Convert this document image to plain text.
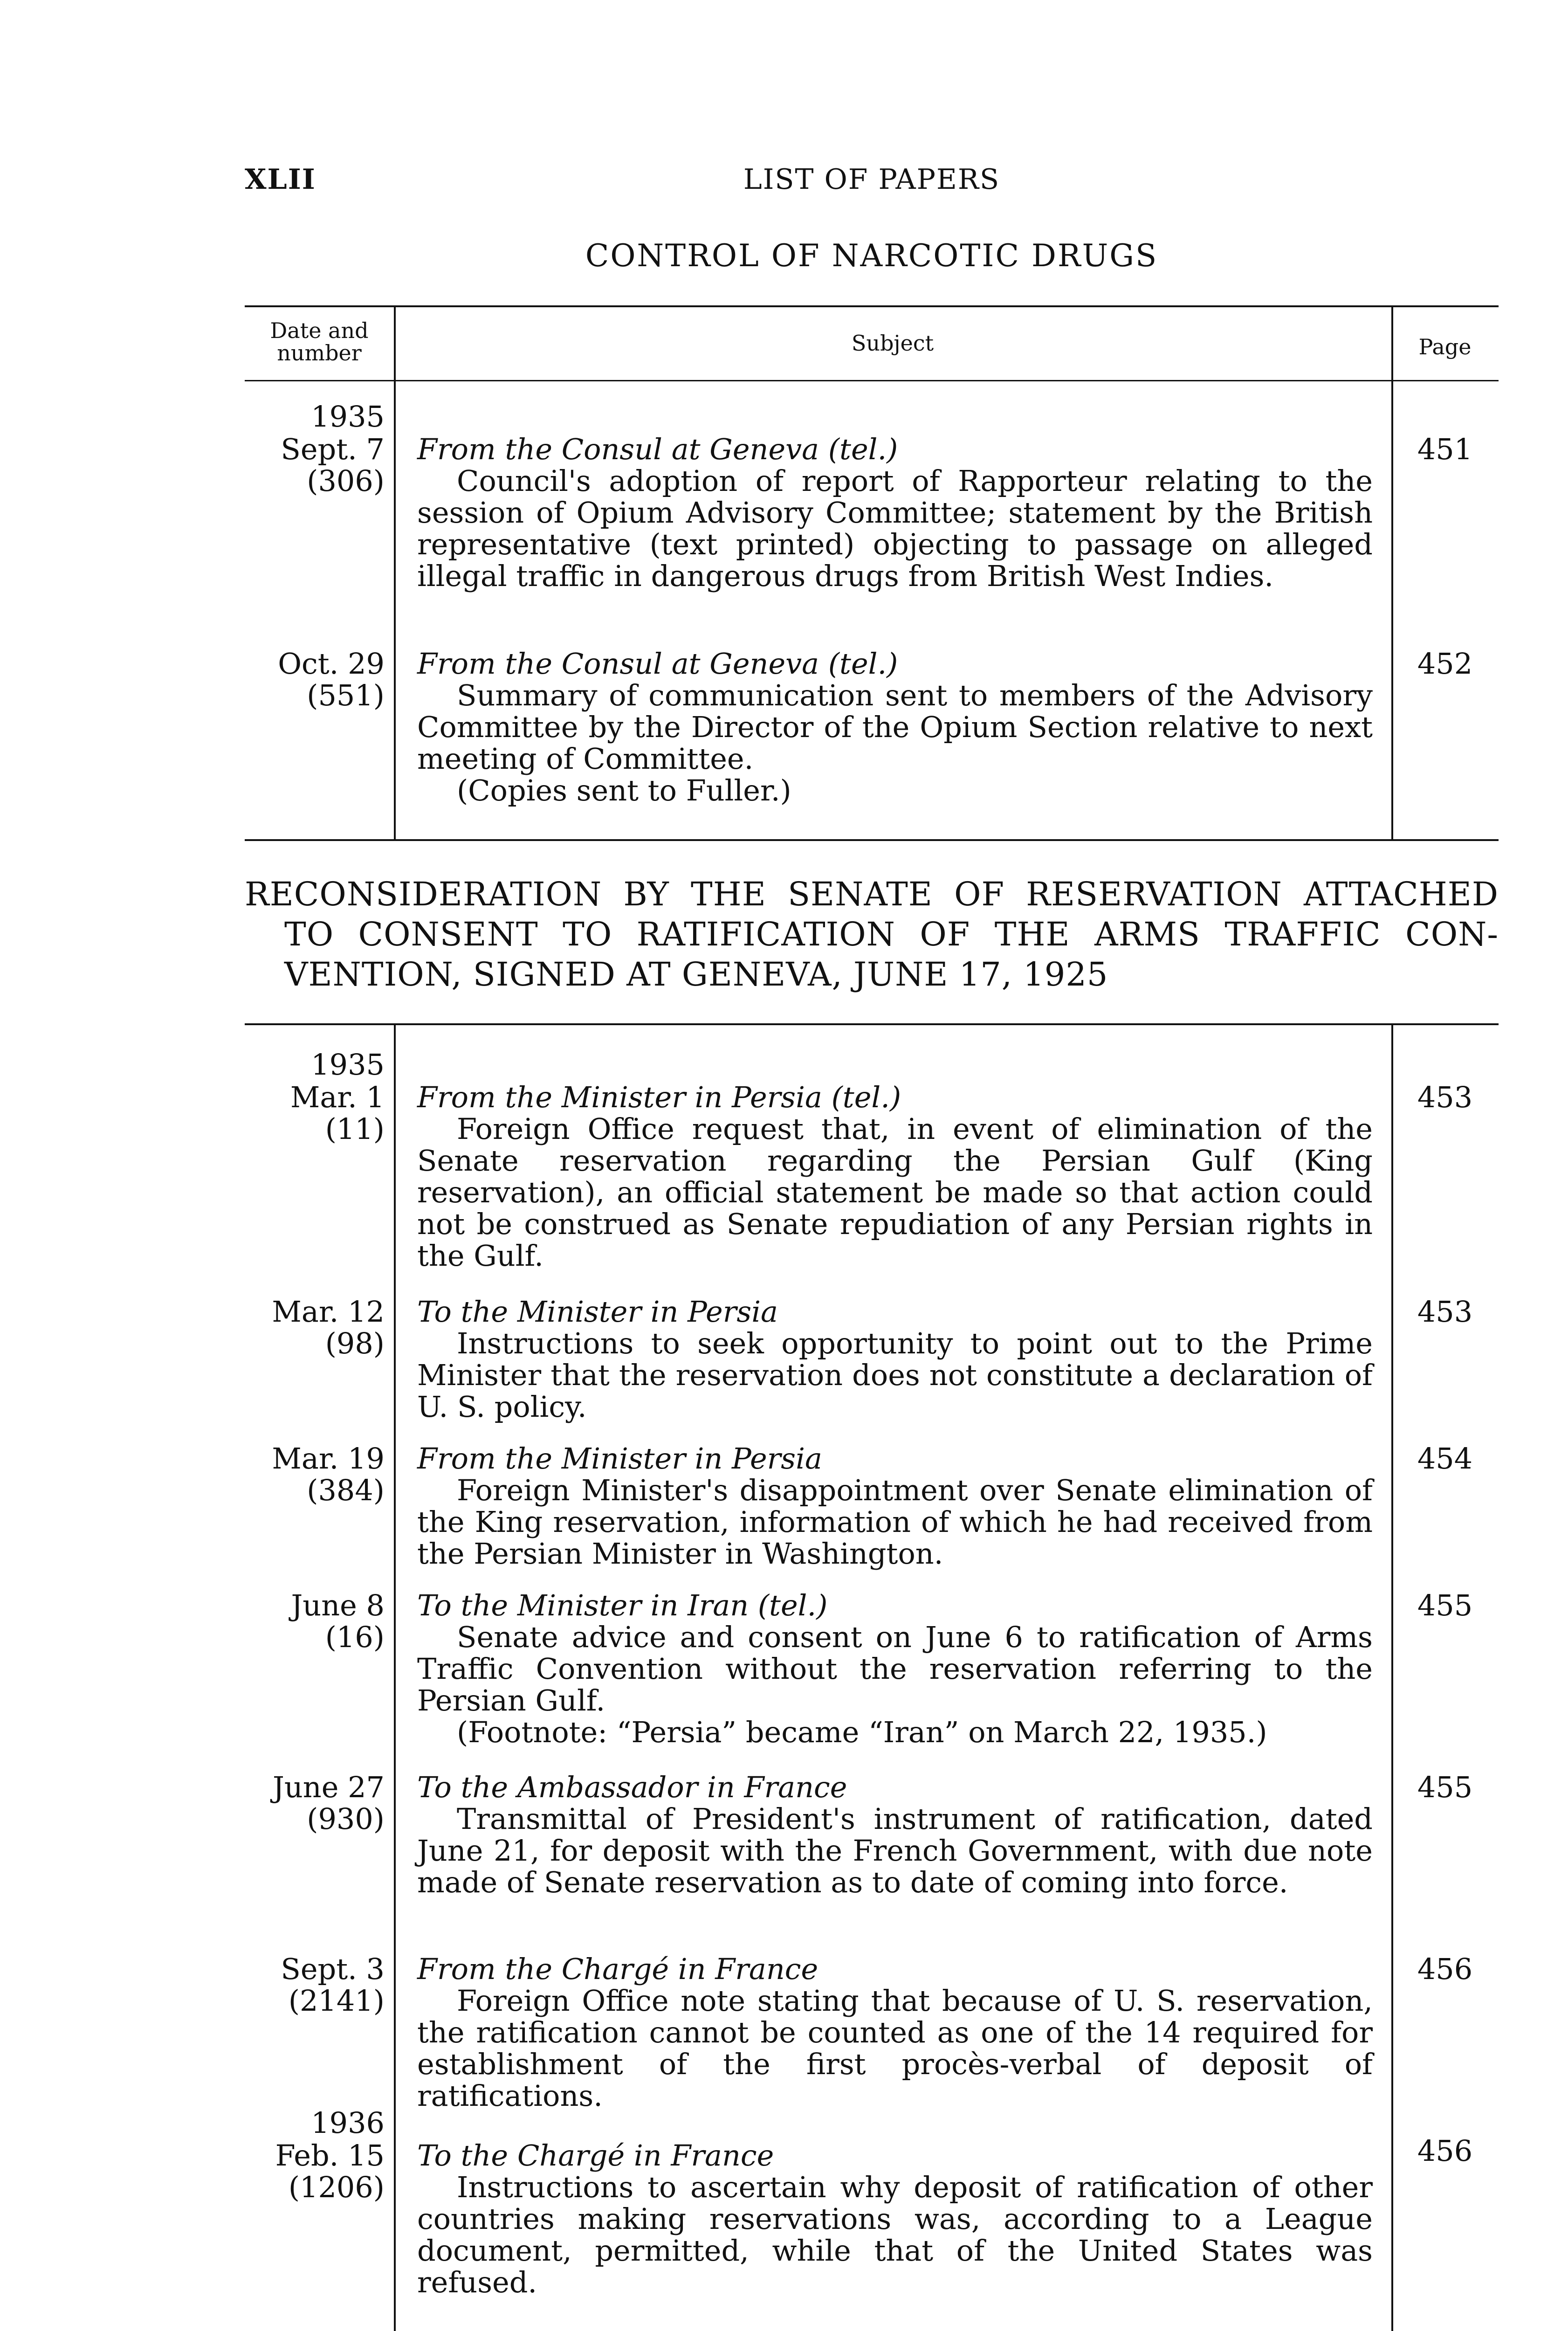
LIST OF PAPERS
XLII
CONTROL OF NARCOTIC DRUGS
Date and
number	Subject	Page
1935
Sept. 7
(306)
From the Consul at Geneva (tel.)
Council's adoption of report of Rapporteur relating to the session of Opium Advisory Committee; statement by the British representative (text printed) objecting to passage on alleged illegal traffic in dangerous drugs from British West Indies.
451
Oct. 29
(551)
From the Consul at Geneva (tel.)
Summary of communication sent to members of the Advisory Committee by the Director of the Opium Section relative to next meeting of Committee.
(Copies sent to Fuller.)
452
RECONSIDERATION BY THE SENATE OF RESERVATION ATTACHED
TO CONSENT TO RATIFICATION OF THE ARMS TRAFFIC CON-
VENTION, SIGNED AT GENEVA, JUNE 17, 1925
1935
Mar. 1
(11)
From the Minister in Persia (tel.)
Foreign Office request that, in event of elimination of the Senate reservation regarding the Persian Gulf (King reservation), an official statement be made so that action could not be construed as Senate repudiation of any Persian rights in the Gulf.
453
Mar. 12
(98)
To the Minister in Persia
Instructions to seek opportunity to point out to the Prime Minister that the reservation does not constitute a declaration of U. S. policy.
453
Mar. 19
(384)
From the Minister in Persia
Foreign Minister's disappointment over Senate elimination of the King reservation, information of which he had received from the Persian Minister in Washington.
454
June 8
(16)
To the Minister in Iran (tel.)
Senate advice and consent on June 6 to ratification of Arms Traffic Convention without the reservation referring to the Persian Gulf.
(Footnote: “Persia” became “Iran” on March 22, 1935.)
455
June 27
(930)
To the Ambassador in France
Transmittal of President's instrument of ratification, dated June 21, for deposit with the French Government, with due note made of Senate reservation as to date of coming into force.
455
Sept. 3
(2141)
From the Chargé in France
Foreign Office note stating that because of U. S. reservation, the ratification cannot be counted as one of the 14 required for establishment of the first procès-verbal of deposit of ratifications.
456
1936
Feb. 15
(1206)
To the Chargé in France
Instructions to ascertain why deposit of ratification of other countries making reservations was, according to a League document, permitted, while that of the United States was refused.
456
